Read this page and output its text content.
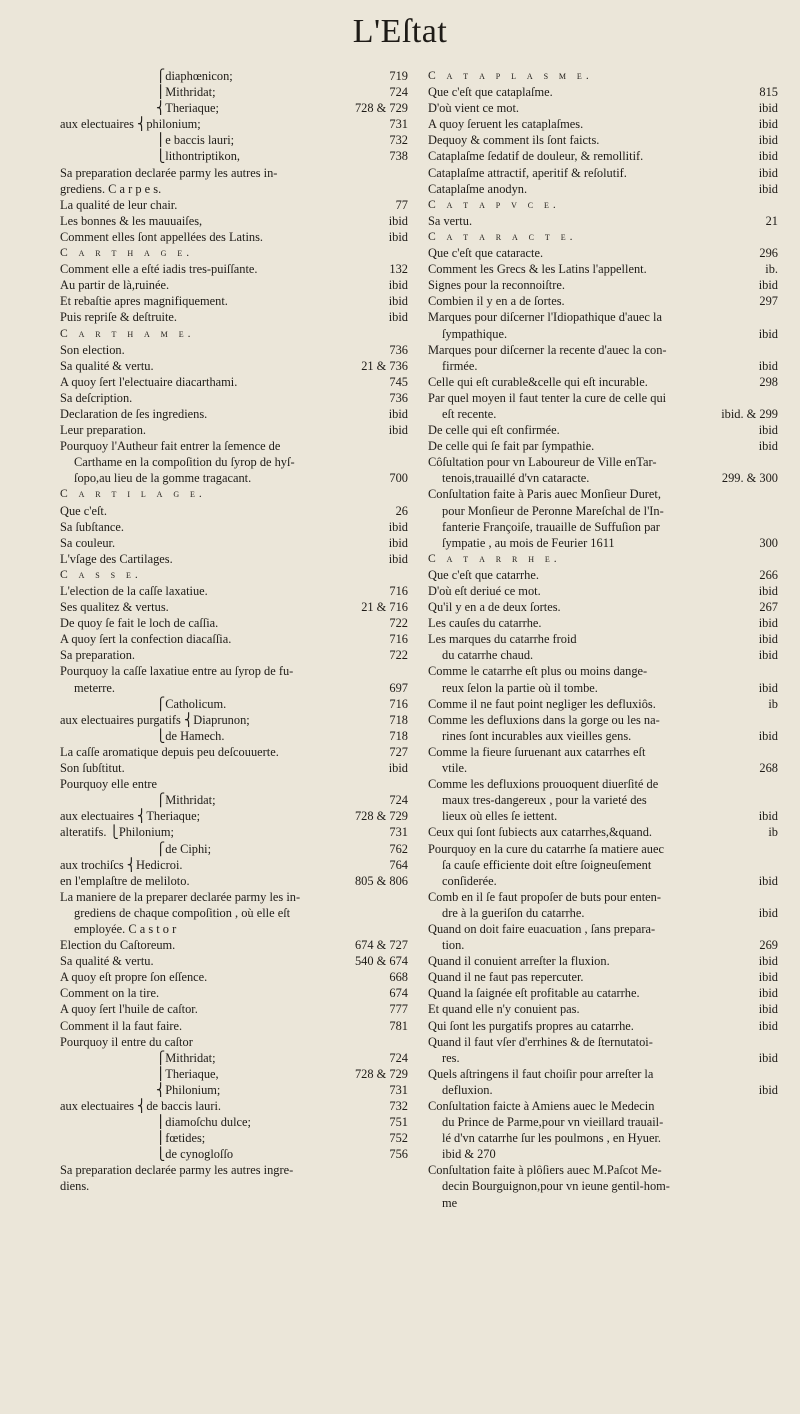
L'Eſtat
⎧diaphœnicon;	719
⎪Mithridat;	724
⎨Theriaque;	728 & 729
aux electuaires ⎨philonium;	731
⎪e baccis lauri;	732
⎩lithontriptikon,	738
Sa preparation declarée parmy les autres in-
grediens. C a r p e s.
La qualité de leur chair.	77
Les bonnes & les mauuaiſes,	ibid
Comment elles ſont appellées des Latins.	ibid
C a r t h a g e.
Comment elle a eſté iadis tres-puiſſante.	132
Au partir de là,ruinée.	ibid
Et rebaſtie apres magnifiquement.	ibid
Puis repriſe & deſtruite.	ibid
C a r t h a m e.
Son election.	736
Sa qualité & vertu.	21 & 736
A quoy ſert l'electuaire diacarthami.	745
Sa deſcription.	736
Declaration de ſes ingrediens.	ibid
Leur preparation.	ibid
Pourquoy l'Autheur fait entrer la ſemence de
Carthame en la compoſition du ſyrop de hyſ-
ſopo,au lieu de la gomme tragacant.	700
C a r t i l a g e.
Que c'eſt.	26
Sa ſubſtance.	ibid
Sa couleur.	ibid
L'vſage des Cartilages.	ibid
C a s s e.
L'election de la caſſe laxatiue.	716
Ses qualitez & vertus.	21 & 716
De quoy ſe fait le loch de caſſia.	722
A quoy ſert la confection diacaſſia.	716
Sa preparation.	722
Pourquoy la caſſe laxatiue entre au ſyrop de fu-
meterre.	697
⎧Catholicum.	716
aux electuaires purgatifs ⎨Diaprunon;	718
⎩de Hamech.	718
La caſſe aromatique depuis peu deſcouuerte.	727
Son ſubſtitut.	ibid
Pourquoy elle entre
⎧Mithridat;	724
aux electuaires ⎨Theriaque;	728 & 729
alteratifs. ⎩Philonium;	731
⎧de Ciphi;	762
aux trochiſcs ⎨Hedicroi.	764
en l'emplaſtre de meliloto.	805 & 806
La maniere de la preparer declarée parmy les in-
grediens de chaque compoſition , où elle eſt
employée. C a s t o r
Election du Caſtoreum.	674 & 727
Sa qualité & vertu.	540 & 674
A quoy eſt propre ſon eſſence.	668
Comment on la tire.	674
A quoy ſert l'huile de caſtor.	777
Comment il la faut faire.	781
Pourquoy il entre du caſtor
⎧Mithridat;	724
⎪Theriaque,	728 & 729
⎨Philonium;	731
aux electuaires ⎨de baccis lauri.	732
⎪diamoſchu dulce;	751
⎪fœtides;	752
⎩de cynogloſſo	756
Sa preparation declarée parmy les autres ingre-
diens.
C a t a p l a s m e.
Que c'eſt que cataplaſme.	815
D'où vient ce mot.	ibid
A quoy ſeruent les cataplaſmes.	ibid
Dequoy & comment ils ſont faicts.	ibid
Cataplaſme ſedatif de douleur, & remollitif.	ibid
Cataplaſme attractif, aperitif & reſolutif.	ibid
Cataplaſme anodyn.	ibid
C a t a p v c e.
Sa vertu.	21
C a t a r a c t e.
Que c'eſt que cataracte.	296
Comment les Grecs & les Latins l'appellent.	ib.
Signes pour la reconnoiſtre.	ibid
Combien il y en a de ſortes.	297
Marques pour diſcerner l'Idiopathique d'auec la
ſympathique.	ibid
Marques pour diſcerner la recente d'auec la con-
firmée.	ibid
Celle qui eſt curable&celle qui eſt incurable.	298
Par quel moyen il faut tenter la cure de celle qui
eſt recente.	ibid. & 299
De celle qui eſt confirmée.	ibid
De celle qui ſe fait par ſympathie.	ibid
Côſultation pour vn Laboureur de Ville enTar-
tenois,trauaillé d'vn cataracte.	299. & 300
Conſultation faite à Paris auec Monſieur Duret,
pour Monſieur de Peronne Mareſchal de l'In-
fanterie Françoiſe, trauaille de Suffuſion par
ſympatie , au mois de Feurier 1611	300
C a t a r r h e.
Que c'eſt que catarrhe.	266
D'où eſt deriué ce mot.	ibid
Qu'il y en a de deux ſortes.	267
Les cauſes du catarrhe.	ibid
Les marques du catarrhe froid	ibid
du catarrhe chaud.	ibid
Comme le catarrhe eſt plus ou moins dange-
reux ſelon la partie où il tombe.	ibid
Comme il ne faut point negliger les defluxiôs.	ib
Comme les defluxions dans la gorge ou les na-
rines ſont incurables aux vieilles gens.	ibid
Comme la fieure ſuruenant aux catarrhes eſt
vtile.	268
Comme les defluxions prouoquent diuerſité de
maux tres-dangereux , pour la varieté des
lieux où elles ſe iettent.	ibid
Ceux qui ſont ſubiects aux catarrhes,&quand.	ib
Pourquoy en la cure du catarrhe ſa matiere auec
ſa cauſe efficiente doit eſtre ſoigneuſement
conſiderée.	ibid
Comb en il ſe faut propoſer de buts pour enten-
dre à la gueriſon du catarrhe.	ibid
Quand on doit faire euacuation , ſans prepara-
tion.	269
Quand il conuient arreſter la fluxion.	ibid
Quand il ne faut pas repercuter.	ibid
Quand la ſaignée eſt profitable au catarrhe.	ibid
Et quand elle n'y conuient pas.	ibid
Qui ſont les purgatifs propres au catarrhe.	ibid
Quand il faut vſer d'errhines & de ſternutatoi-
res.	ibid
Quels aſtringens il faut choiſir pour arreſter la
defluxion.	ibid
Conſultation faicte à Amiens auec le Medecin
du Prince de Parme,pour vn vieillard trauail-
lé d'vn catarrhe ſur les poulmons , en Hyuer.
ibid & 270
Conſultation faite à plôſiers auec M.Paſcot Me-
decin Bourguignon,pour vn ieune gentil-hom-
me
